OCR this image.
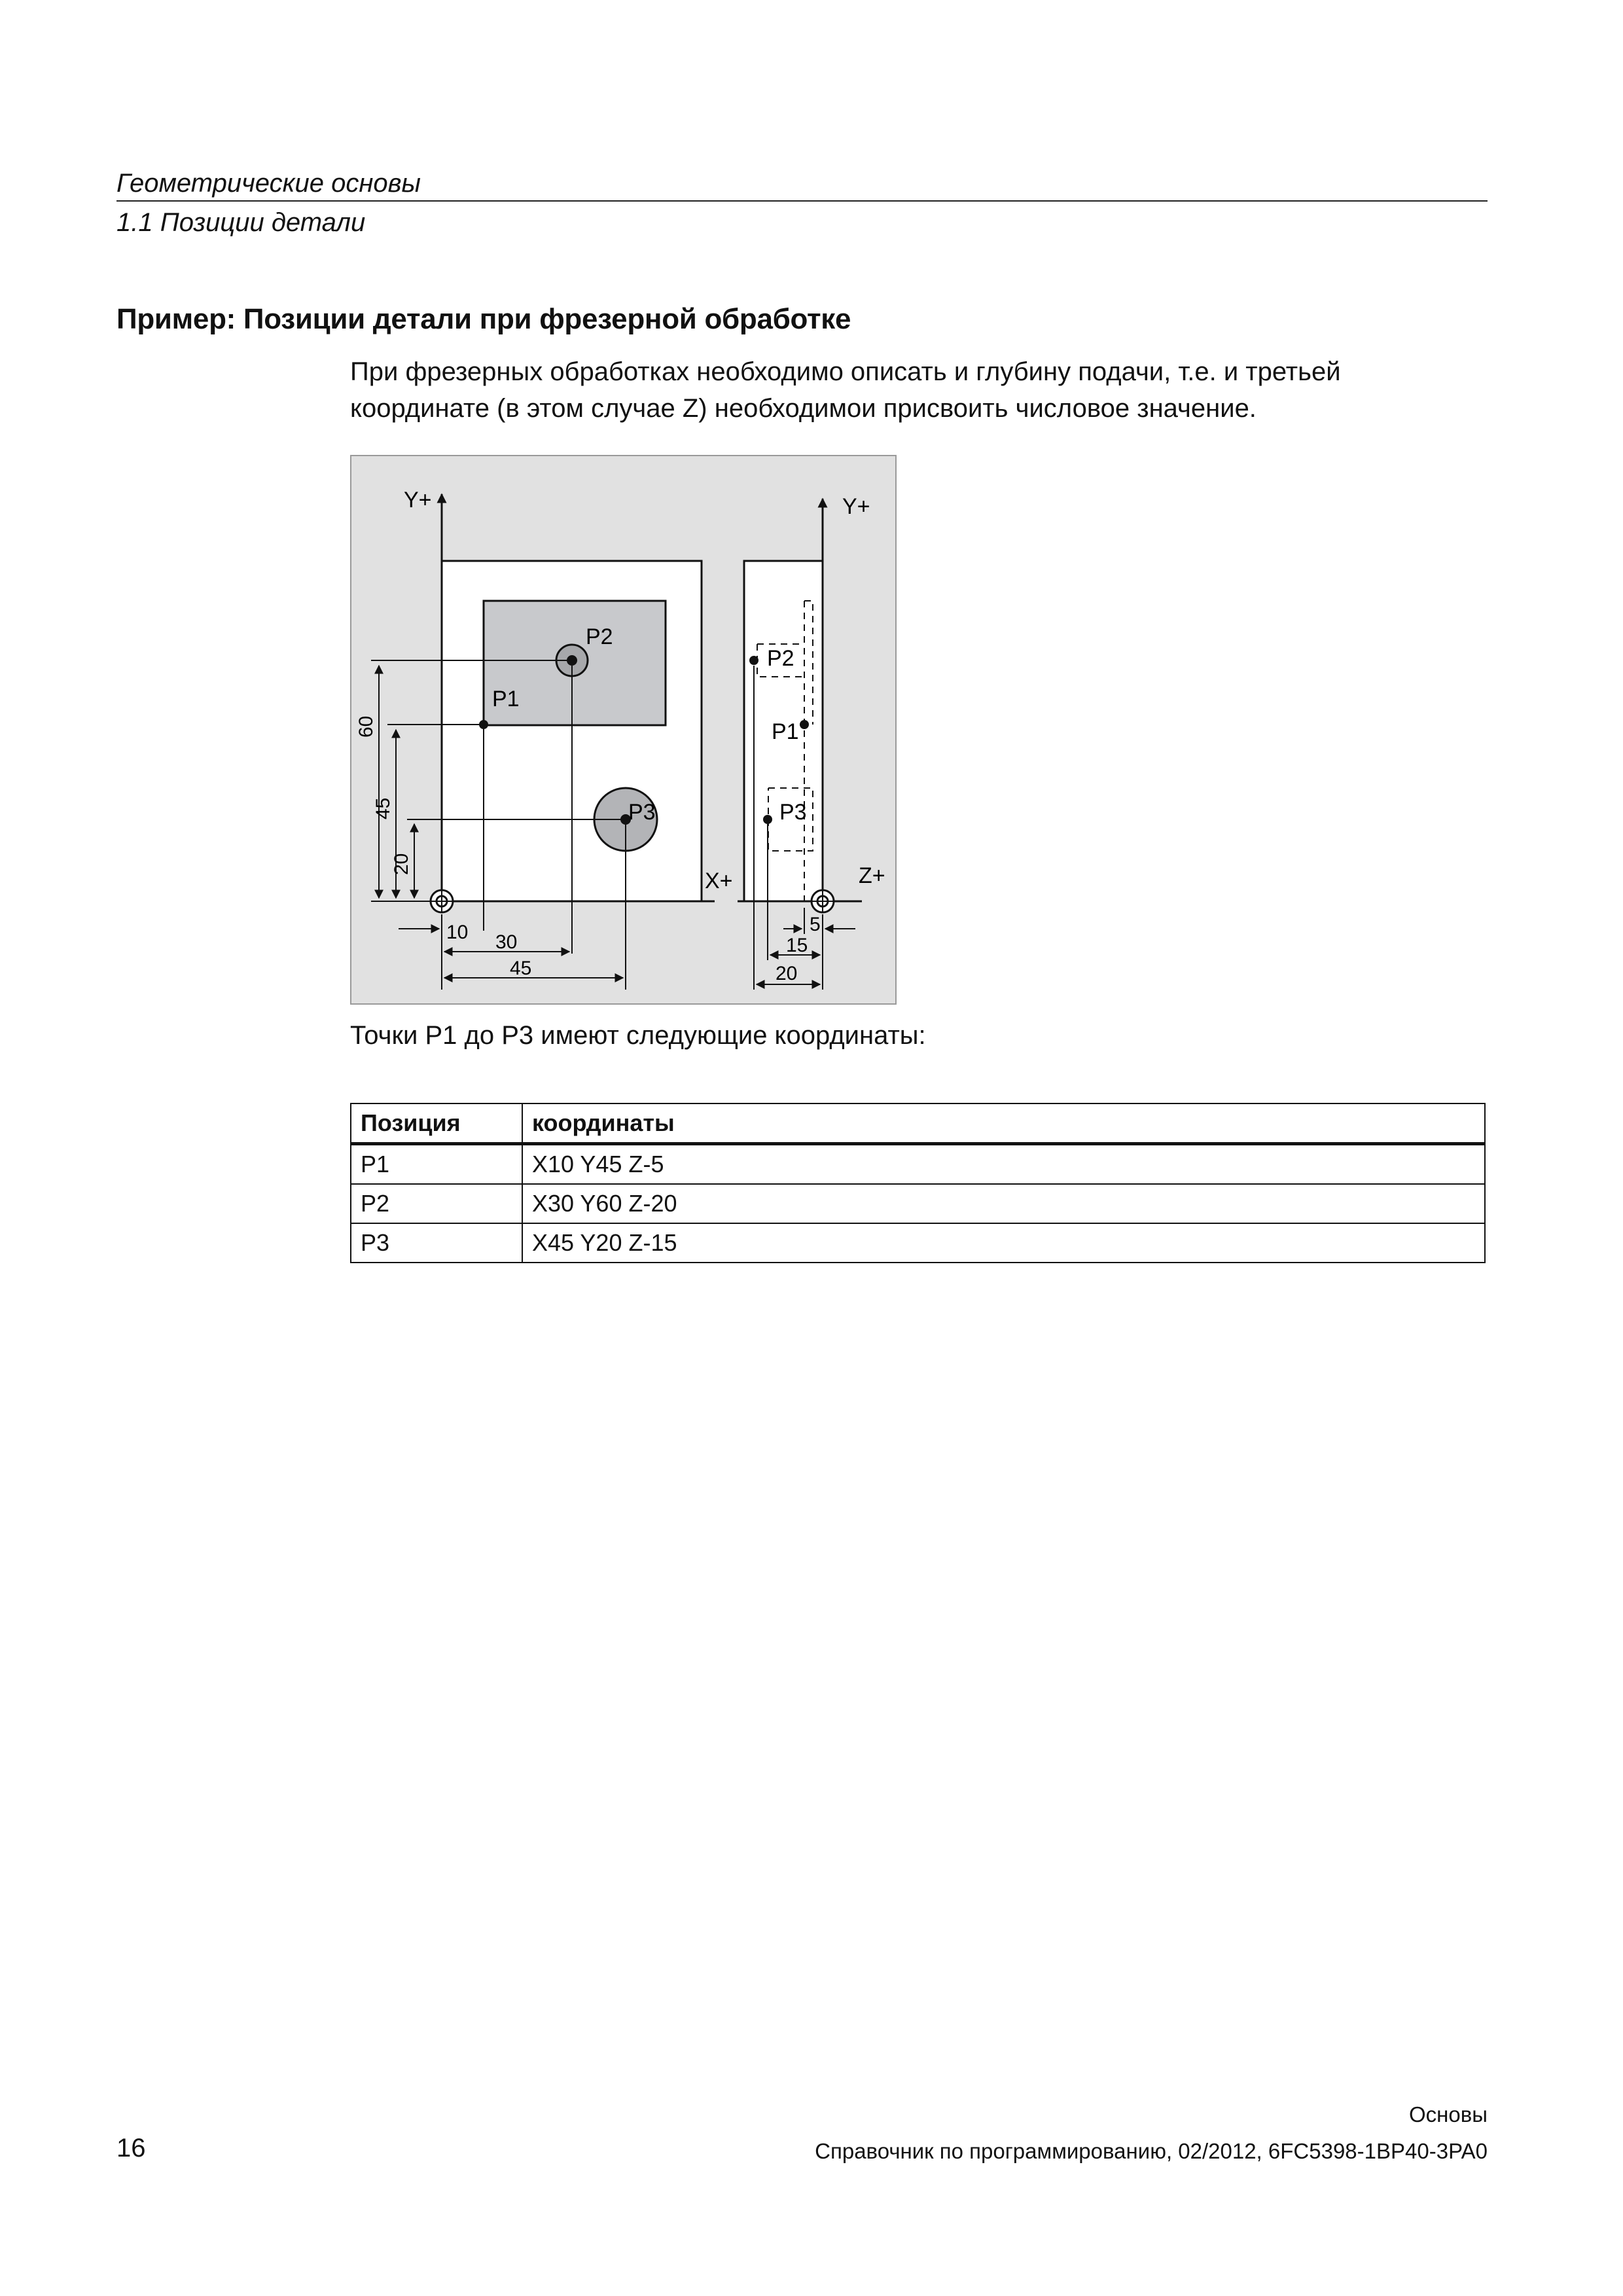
Геометрические основы
1.1 Позиции детали
Пример: Позиции детали при фрезерной обработке

При фрезерных обработках необходимо описать и глубину подачи, т.е. и третьей

координате (в этом случае Z) необходимои присвоить числовое значение.

Y+
X+
P2
P1
P3
60
45
20
10 30
45
Y+
Z+
P2
P1
P3
5
15
20
Точки P1 до P3 имеют следующие координаты:
Позиция	координаты
P1	X10 Y45 Z-5
P2	X30 Y60 Z-20
P3	X45 Y20 Z-15
Основы
Справочник по программированию, 02/2012, 6FC5398-1BP40-3PA0
16
